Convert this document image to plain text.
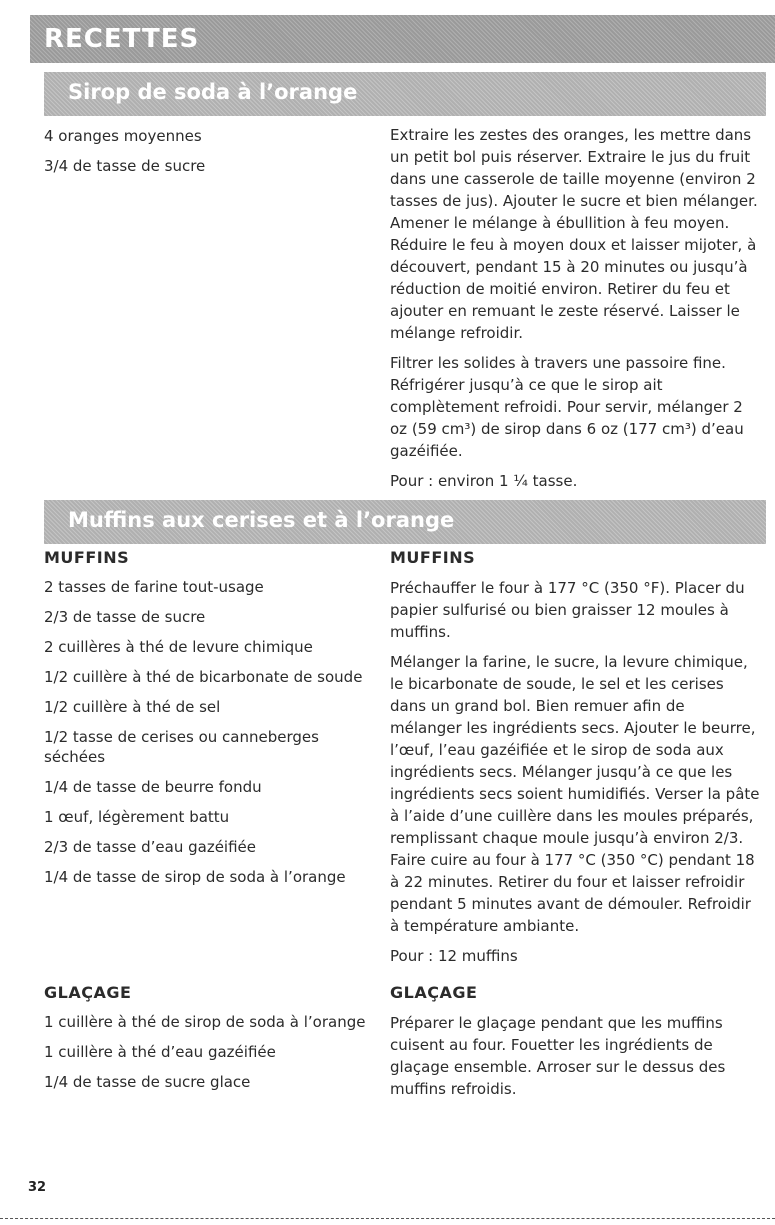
RECETTES
Sirop de soda à l’orange

4 oranges moyennes

3/4 de tasse de sucre

Extraire les zestes des oranges, les mettre dans un petit bol puis réserver. Extraire le jus du fruit dans une casserole de taille moyenne (environ 2 tasses de jus). Ajouter le sucre et bien mélanger. Amener le mélange à ébullition à feu moyen. Réduire le feu à moyen doux et laisser mijoter, à découvert, pendant 15 à 20 minutes ou jusqu’à réduction de moitié environ. Retirer du feu et ajouter en remuant le zeste réservé. Laisser le mélange refroidir.

Filtrer les solides à travers une passoire fine. Réfrigérer jusqu’à ce que le sirop ait complètement refroidi. Pour servir, mélanger 2 oz (59 cm³) de sirop dans 6 oz (177 cm³) d’eau gazéifiée.

Pour : environ 1 ¼ tasse.

Muffins aux cerises et à l’orange

MUFFINS

2 tasses de farine tout-usage

2/3 de tasse de sucre

2 cuillères à thé de levure chimique

1/2 cuillère à thé de bicarbonate de soude

1/2 cuillère à thé de sel

1/2 tasse de cerises ou canneberges séchées

1/4 de tasse de beurre fondu

1 œuf, légèrement battu

2/3 de tasse d’eau gazéifiée

1/4 de tasse de sirop de soda à l’orange

MUFFINS

Préchauffer le four à 177 °C (350 °F). Placer du papier sulfurisé ou bien graisser 12 moules à muffins.

Mélanger la farine, le sucre, la levure chimique, le bicarbonate de soude, le sel et les cerises dans un grand bol. Bien remuer afin de mélanger les ingrédients secs. Ajouter le beurre, l’œuf, l’eau gazéifiée et le sirop de soda aux ingrédients secs. Mélanger jusqu’à ce que les ingrédients secs soient humidifiés. Verser la pâte à l’aide d’une cuillère dans les moules préparés, remplissant chaque moule jusqu’à environ 2/3. Faire cuire au four à 177 °C (350 °C) pendant 18 à 22 minutes. Retirer du four et laisser refroidir pendant 5 minutes avant de démouler. Refroidir à température ambiante.

Pour : 12 muffins

GLAÇAGE

1 cuillère à thé de sirop de soda à l’orange

1 cuillère à thé d’eau gazéifiée

1/4 de tasse de sucre glace

GLAÇAGE

Préparer le glaçage pendant que les muffins cuisent au four. Fouetter les ingrédients de glaçage ensemble. Arroser sur le dessus des muffins refroidis.

32
